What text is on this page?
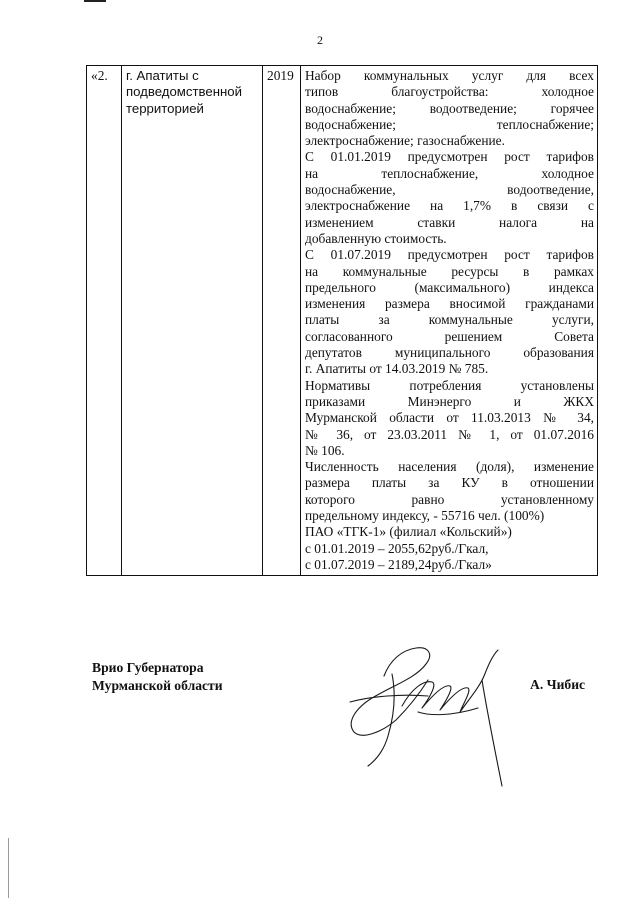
2
«2.	г. Апатиты с подведомственной территорией	2019	Набор коммунальных услуг для всех
типов благоустройства: холодное
водоснабжение; водоотведение; горячее
водоснабжение; теплоснабжение;
электроснабжение; газоснабжение.
С 01.01.2019 предусмотрен рост тарифов
на теплоснабжение, холодное
водоснабжение, водоотведение,
электроснабжение на 1,7% в связи с
изменением ставки налога на
добавленную стоимость.
С 01.07.2019 предусмотрен рост тарифов
на коммунальные ресурсы в рамках
предельного (максимального) индекса
изменения размера вносимой гражданами
платы за коммунальные услуги,
согласованного решением Совета
депутатов муниципального образования
г. Апатиты от 14.03.2019 № 785.
Нормативы потребления установлены
приказами Минэнерго и ЖКХ
Мурманской области от 11.03.2013 № 34,
№ 36, от 23.03.2011 № 1, от 01.07.2016
№ 106.
Численность населения (доля), изменение
размера платы за КУ в отношении
которого равно установленному
предельному индексу, - 55716 чел. (100%)
ПАО «ТГК-1» (филиал «Кольский»)
с 01.01.2019 – 2055,62руб./Гкал,
с 01.07.2019 – 2189,24руб./Гкал»
Врио Губернатора
Мурманской области	А. Чибис
